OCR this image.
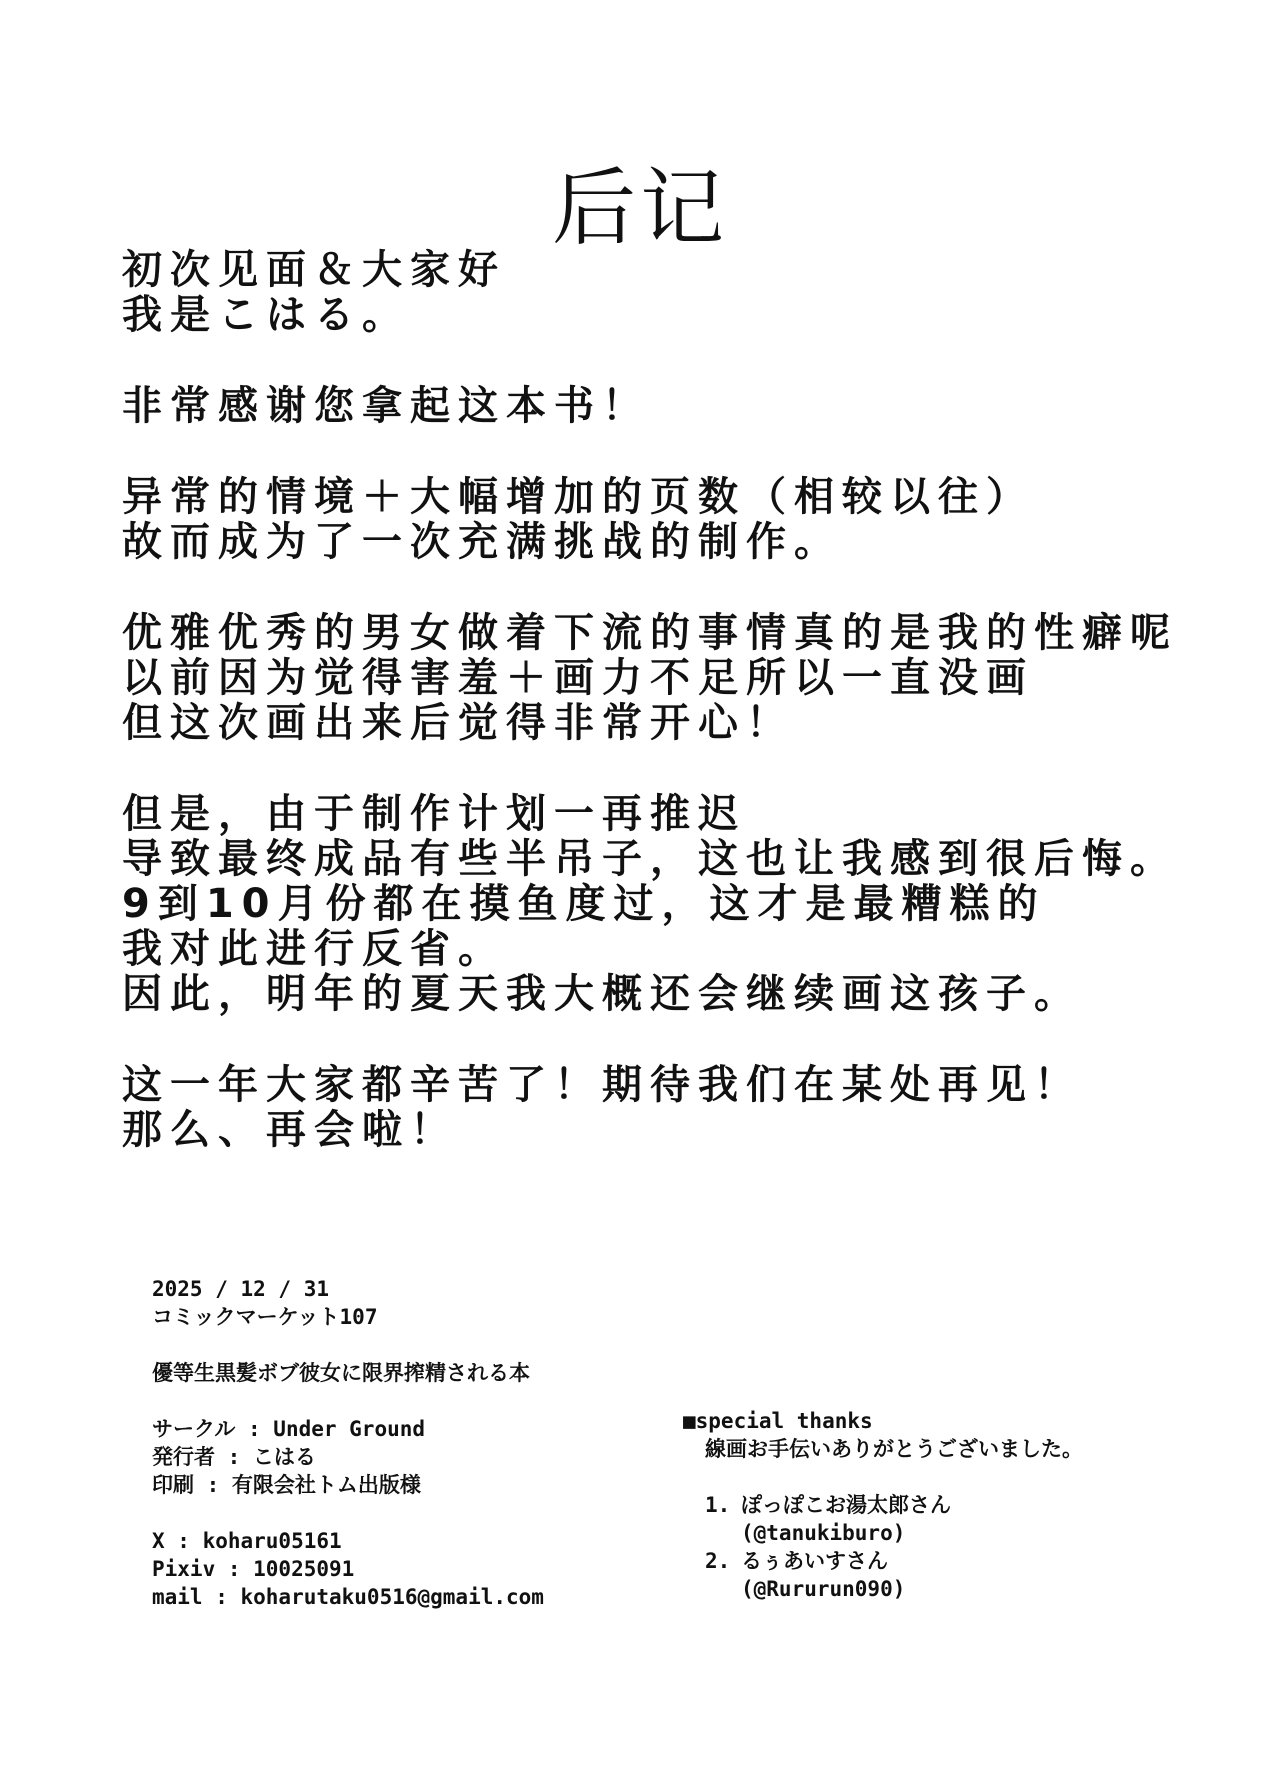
后记
初次见面＆大家好
我是こはる。
非常感谢您拿起这本书！
异常的情境＋大幅增加的页数（相较以往）
故而成为了一次充满挑战的制作。
优雅优秀的男女做着下流的事情真的是我的性癖呢
以前因为觉得害羞＋画力不足所以一直没画
但这次画出来后觉得非常开心！
但是，由于制作计划一再推迟
导致最终成品有些半吊子，这也让我感到很后悔。
9到10月份都在摸鱼度过，这才是最糟糕的
我对此进行反省。
因此，明年的夏天我大概还会继续画这孩子。
这一年大家都辛苦了！期待我们在某处再见！
那么、再会啦！
2025 / 12 / 31
コミックマーケット107
優等生黒髪ボブ彼女に限界搾精される本
サークル : Under Ground
発行者 : こはる
印刷 : 有限会社トム出版様
X : koharu05161
Pixiv : 10025091
mail : koharutaku0516@gmail.com
■special thanks
線画お手伝いありがとうございました。
1. ぽっぽこお湯太郎さん
(@tanukiburo)
2. るぅあいすさん
(@Rururun090)
